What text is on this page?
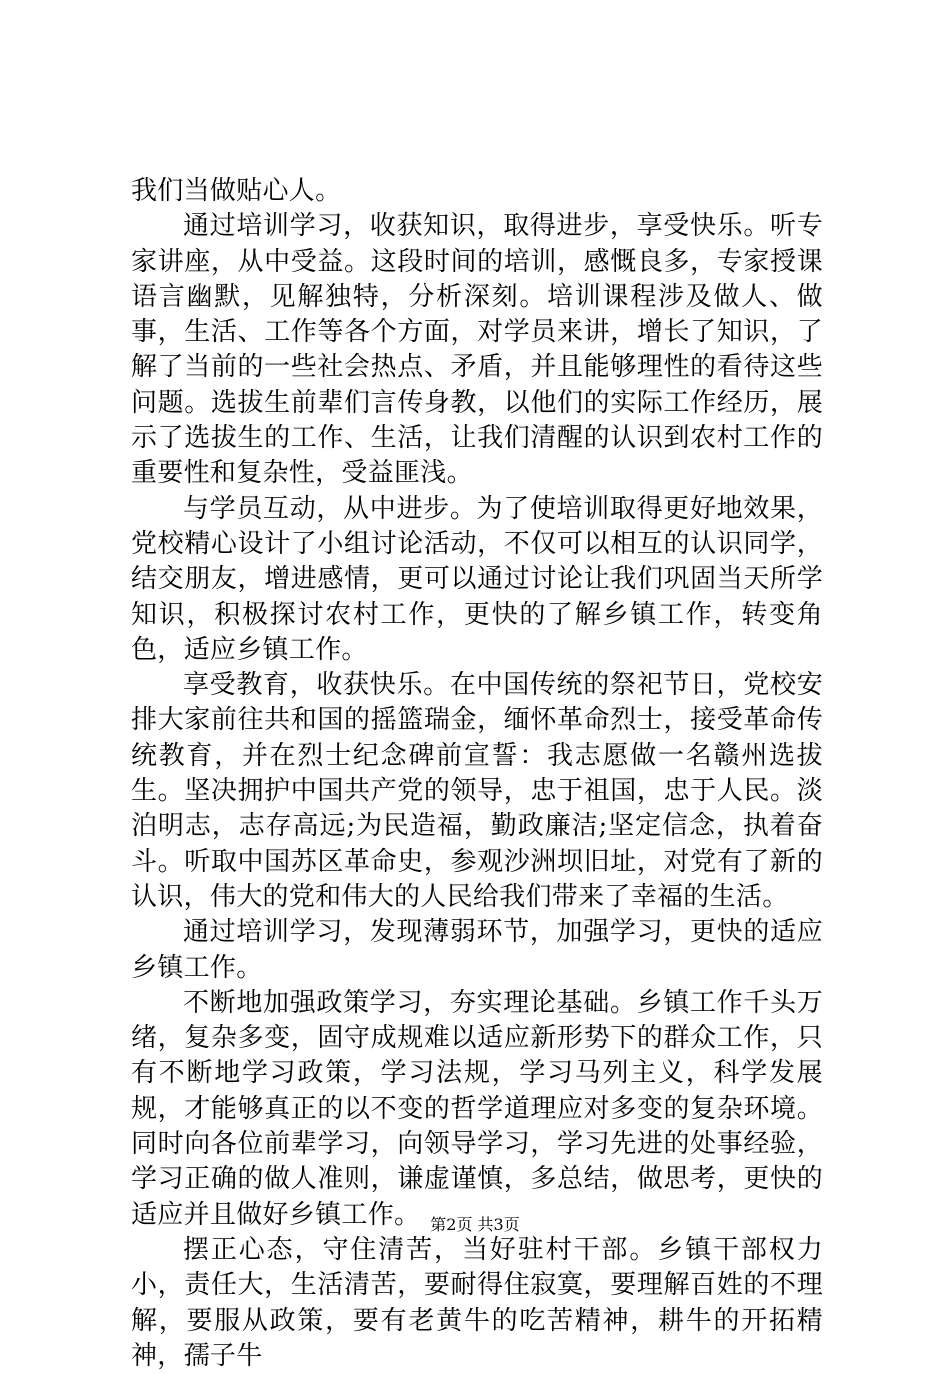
我们当做贴心人。

通过培训学习，收获知识，取得进步，享受快乐。听专家讲座，从中受益。这段时间的培训，感慨良多，专家授课语言幽默，见解独特，分析深刻。培训课程涉及做人、做事，生活、工作等各个方面，对学员来讲，增长了知识，了解了当前的一些社会热点、矛盾，并且能够理性的看待这些问题。选拔生前辈们言传身教，以他们的实际工作经历，展示了选拔生的工作、生活，让我们清醒的认识到农村工作的重要性和复杂性，受益匪浅。

与学员互动，从中进步。为了使培训取得更好地效果，党校精心设计了小组讨论活动，不仅可以相互的认识同学，结交朋友，增进感情，更可以通过讨论让我们巩固当天所学知识，积极探讨农村工作，更快的了解乡镇工作，转变角色，适应乡镇工作。

享受教育，收获快乐。在中国传统的祭祀节日，党校安排大家前往共和国的摇篮瑞金，缅怀革命烈士，接受革命传统教育，并在烈士纪念碑前宣誓：我志愿做一名赣州选拔生。坚决拥护中国共产党的领导，忠于祖国，忠于人民。淡泊明志，志存高远;为民造福，勤政廉洁;坚定信念，执着奋斗。听取中国苏区革命史，参观沙洲坝旧址，对党有了新的认识，伟大的党和伟大的人民给我们带来了幸福的生活。

通过培训学习，发现薄弱环节，加强学习，更快的适应乡镇工作。

不断地加强政策学习，夯实理论基础。乡镇工作千头万绪，复杂多变，固守成规难以适应新形势下的群众工作，只有不断地学习政策，学习法规，学习马列主义，科学发展规，才能够真正的以不变的哲学道理应对多变的复杂环境。同时向各位前辈学习，向领导学习，学习先进的处事经验，学习正确的做人准则，谦虚谨慎，多总结，做思考，更快的适应并且做好乡镇工作。

摆正心态，守住清苦，当好驻村干部。乡镇干部权力小，责任大，生活清苦，要耐得住寂寞，要理解百姓的不理解，要服从政策，要有老黄牛的吃苦精神，耕牛的开拓精神，孺子牛

第2页 共3页
